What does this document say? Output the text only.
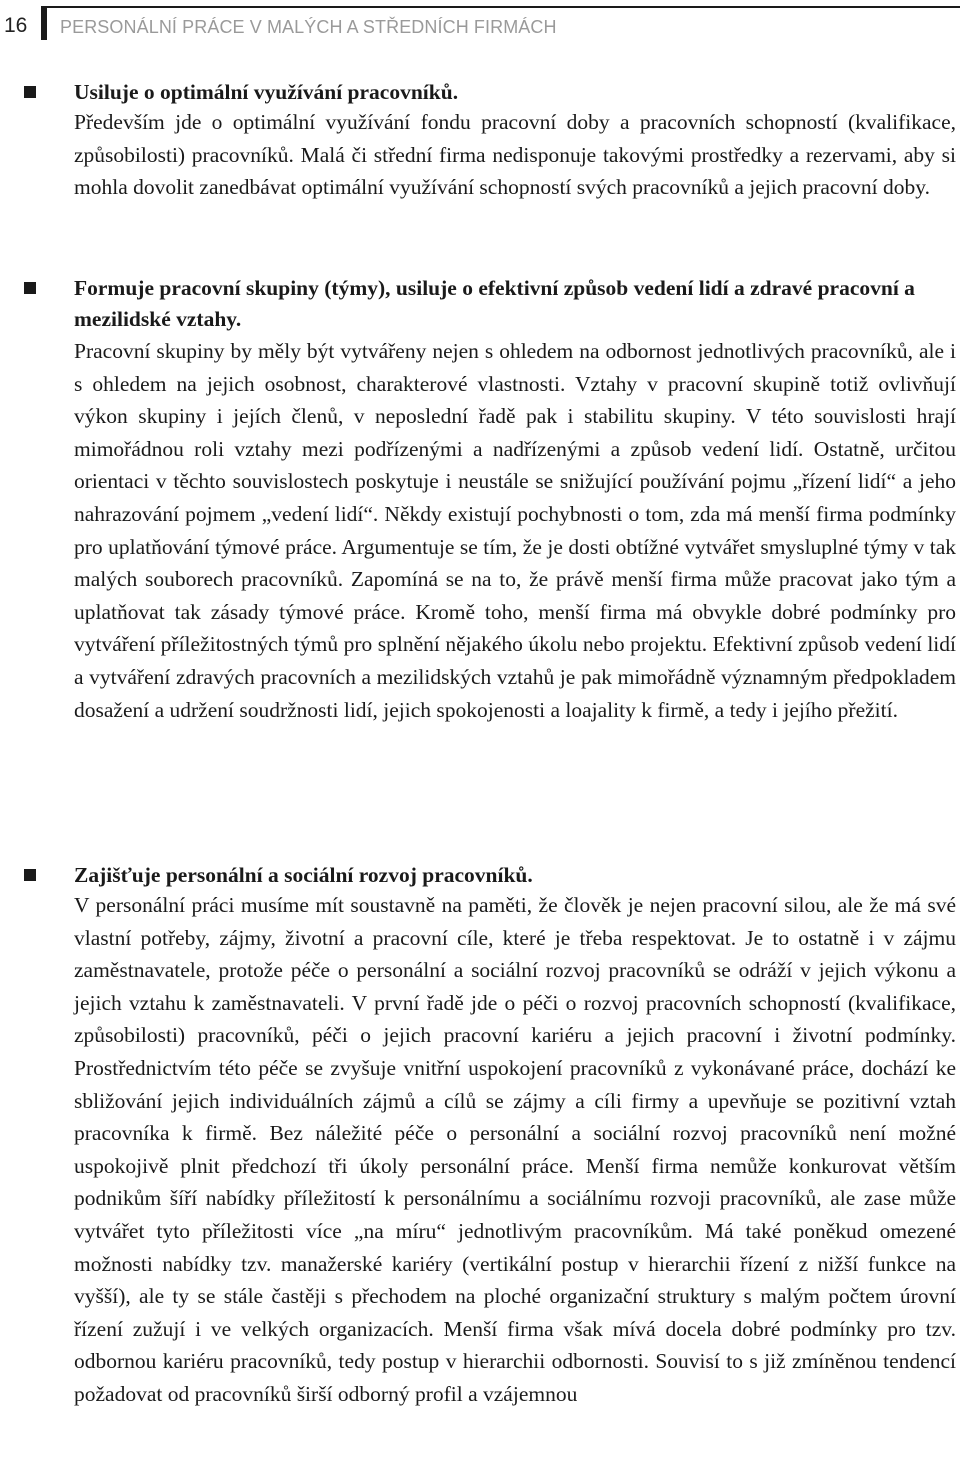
16 PERSONÁLNÍ PRÁCE V MALÝCH A STŘEDNÍCH FIRMÁCH

Usiluje o optimální využívání pracovníků.

Především jde o optimální využívání fondu pracovní doby a pracovních schopností (kvalifikace, způsobilosti) pracovníků. Malá či střední firma nedisponuje takovými prostředky a rezervami, aby si mohla dovolit zanedbávat optimální využívání schopností svých pracovníků a jejich pracovní doby.

Formuje pracovní skupiny (týmy), usiluje o efektivní způsob vedení lidí a zdravé pracovní a mezilidské vztahy.

Pracovní skupiny by měly být vytvářeny nejen s ohledem na odbornost jednotlivých pracovníků, ale i s ohledem na jejich osobnost, charakterové vlastnosti. Vztahy v pracovní skupině totiž ovlivňují výkon skupiny i jejích členů, v neposlední řadě pak i stabilitu skupiny. V této souvislosti hrají mimořádnou roli vztahy mezi podřízenými a nadřízenými a způsob vedení lidí. Ostatně, určitou orientaci v těchto souvislostech poskytuje i neustále se snižující používání pojmu „řízení lidí“ a jeho nahrazování pojmem „vedení lidí“. Někdy existují pochybnosti o tom, zda má menší firma podmínky pro uplatňování týmové práce. Argumentuje se tím, že je dosti obtížné vytvářet smysluplné týmy v tak malých souborech pracovníků. Zapomíná se na to, že právě menší firma může pracovat jako tým a uplatňovat tak zásady týmové práce. Kromě toho, menší firma má obvykle dobré podmínky pro vytváření příležitostných týmů pro splnění nějakého úkolu nebo projektu. Efektivní způsob vedení lidí a vytváření zdravých pracovních a mezilidských vztahů je pak mimořádně významným předpokladem dosažení a udržení soudržnosti lidí, jejich spokojenosti a loajality k firmě, a tedy i jejího přežití.

Zajišťuje personální a sociální rozvoj pracovníků.

V personální práci musíme mít soustavně na paměti, že člověk je nejen pracovní silou, ale že má své vlastní potřeby, zájmy, životní a pracovní cíle, které je třeba respektovat. Je to ostatně i v zájmu zaměstnavatele, protože péče o personální a sociální rozvoj pracovníků se odráží v jejich výkonu a jejich vztahu k zaměstnavateli. V první řadě jde o péči o rozvoj pracovních schopností (kvalifikace, způsobilosti) pracovníků, péči o jejich pracovní kariéru a jejich pracovní i životní podmínky. Prostřednictvím této péče se zvyšuje vnitřní uspokojení pracovníků z vykonávané práce, dochází ke sbližování jejich individuálních zájmů a cílů se zájmy a cíli firmy a upevňuje se pozitivní vztah pracovníka k firmě. Bez náležité péče o personální a sociální rozvoj pracovníků není možné uspokojivě plnit předchozí tři úkoly personální práce. Menší firma nemůže konkurovat větším podnikům šíří nabídky příležitostí k personálnímu a sociálnímu rozvoji pracovníků, ale zase může vytvářet tyto příležitosti více „na míru“ jednotlivým pracovníkům. Má také poněkud omezené možnosti nabídky tzv. manažerské kariéry (vertikální postup v hierarchii řízení z nižší funkce na vyšší), ale ty se stále častěji s přechodem na ploché organizační struktury s malým počtem úrovní řízení zužují i ve velkých organizacích. Menší firma však mívá docela dobré podmínky pro tzv. odbornou kariéru pracovníků, tedy postup v hierarchii odbornosti. Souvisí to s již zmíněnou tendencí požadovat od pracovníků širší odborný profil a vzájemnou
